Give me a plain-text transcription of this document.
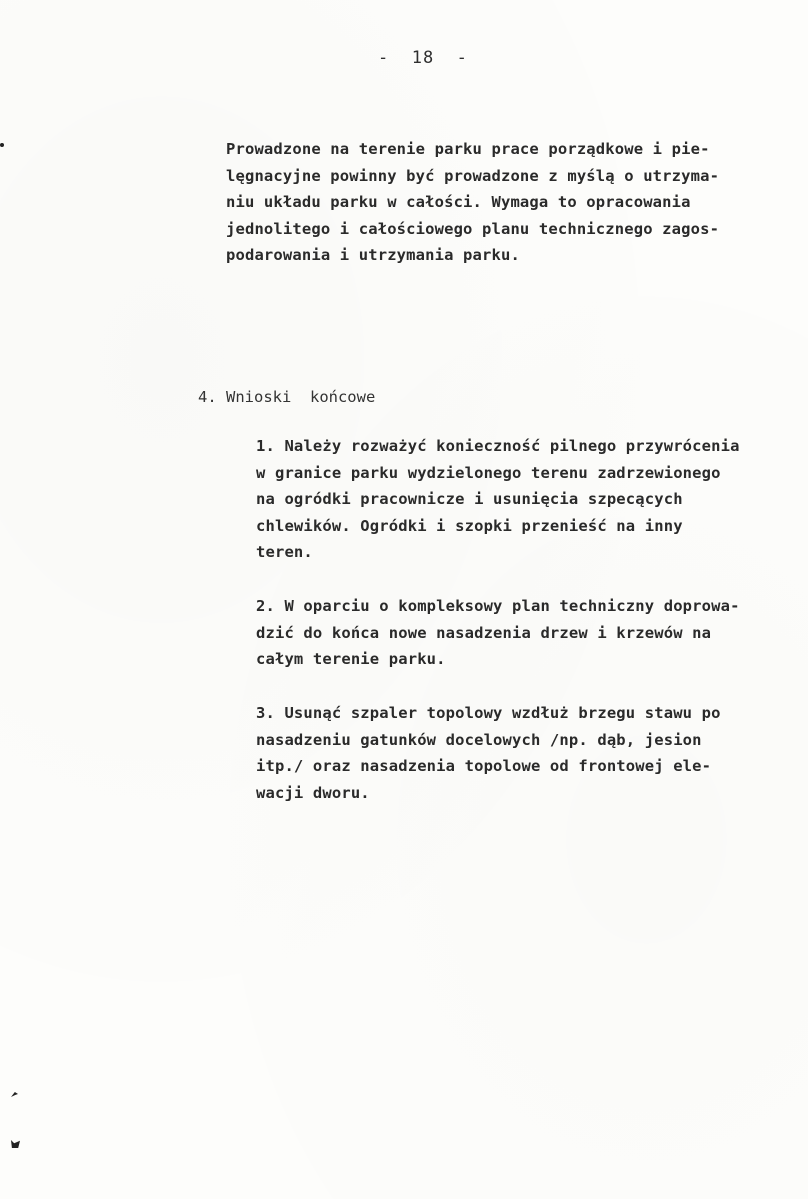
-  18  -
Prowadzone na terenie parku prace porządkowe i pie-
lęgnacyjne powinny być prowadzone z myślą o utrzyma-
niu układu parku w całości. Wymaga to opracowania
jednolitego i całościowego planu technicznego zagos-
podarowania i utrzymania parku.
4. Wnioski  końcowe
1. Należy rozważyć konieczność pilnego przywrócenia
w granice parku wydzielonego terenu zadrzewionego
na ogródki pracownicze i usunięcia szpecących
chlewików. Ogródki i szopki przenieść na inny
teren.
2. W oparciu o kompleksowy plan techniczny doprowa-
dzić do końca nowe nasadzenia drzew i krzewów na
całym terenie parku.
3. Usunąć szpaler topolowy wzdłuż brzegu stawu po
nasadzeniu gatunków docelowych /np. dąb, jesion
itp./ oraz nasadzenia topolowe od frontowej ele-
wacji dworu.
